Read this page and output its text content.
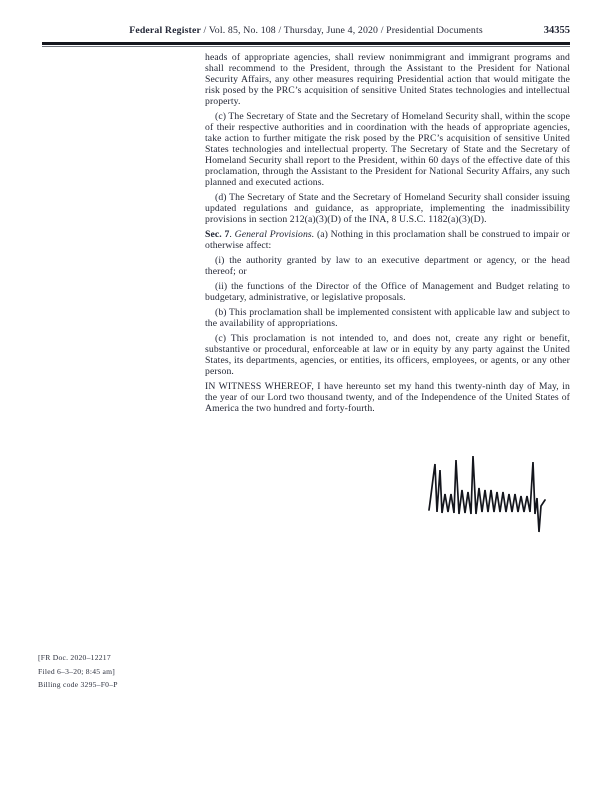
Federal Register / Vol. 85, No. 108 / Thursday, June 4, 2020 / Presidential Documents	34355

heads of appropriate agencies, shall review nonimmigrant and immigrant programs and shall recommend to the President, through the Assistant to the President for National Security Affairs, any other measures requiring Presidential action that would mitigate the risk posed by the PRC’s acquisition of sensitive United States technologies and intellectual property.

(c) The Secretary of State and the Secretary of Homeland Security shall, within the scope of their respective authorities and in coordination with the heads of appropriate agencies, take action to further mitigate the risk posed by the PRC’s acquisition of sensitive United States technologies and intellectual property. The Secretary of State and the Secretary of Homeland Security shall report to the President, within 60 days of the effective date of this proclamation, through the Assistant to the President for National Security Affairs, any such planned and executed actions.

(d) The Secretary of State and the Secretary of Homeland Security shall consider issuing updated regulations and guidance, as appropriate, implementing the inadmissibility provisions in section 212(a)(3)(D) of the INA, 8 U.S.C. 1182(a)(3)(D).

Sec. 7. General Provisions. (a) Nothing in this proclamation shall be construed to impair or otherwise affect:

(i) the authority granted by law to an executive department or agency, or the head thereof; or

(ii) the functions of the Director of the Office of Management and Budget relating to budgetary, administrative, or legislative proposals.

(b) This proclamation shall be implemented consistent with applicable law and subject to the availability of appropriations.

(c) This proclamation is not intended to, and does not, create any right or benefit, substantive or procedural, enforceable at law or in equity by any party against the United States, its departments, agencies, or entities, its officers, employees, or agents, or any other person.

IN WITNESS WHEREOF, I have hereunto set my hand this twenty-ninth day of May, in the year of our Lord two thousand twenty, and of the Independence of the United States of America the two hundred and forty-fourth.

[FR Doc. 2020–12217
Filed 6–3–20; 8:45 am]
Billing code 3295–F0–P
